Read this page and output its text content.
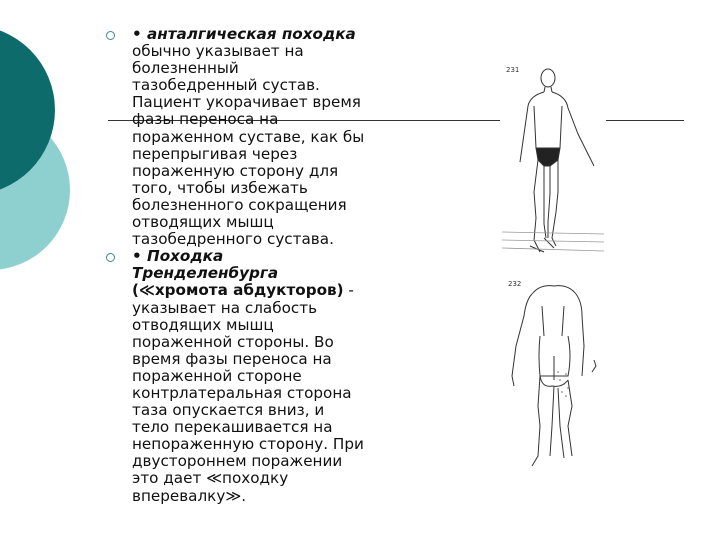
• анталгическая походка
обычно указывает на
болезненный
тазобедренный сустав.
Пациент укорачивает время
фазы переноса на
пораженном суставе, как бы
перепрыгивая через
пораженную сторону для
того, чтобы избежать
болезненного сокращения
отводящих мышц
тазобедренного сустава.
• Походка
Тренделенбурга
(≪хромота абдукторов) -
указывает на слабость
отводящих мышц
пораженной стороны. Во
время фазы переноса на
пораженной стороне
контрлатеральная сторона
таза опускается вниз, и
тело перекашивается на
непораженную сторону. При
двустороннем поражении
это дает ≪походку
вперевалку≫.
231
232
